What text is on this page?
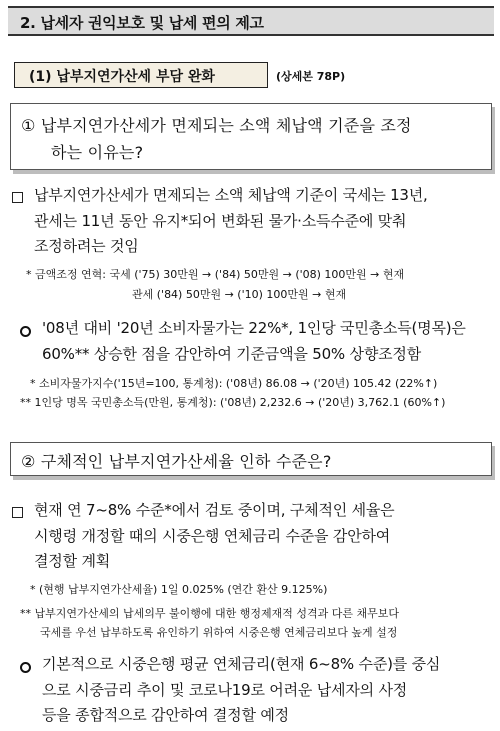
2. 납세자 권익보호 및 납세 편의 제고
(1) 납부지연가산세 부담 완화	(상세본 78P)
① 납부지연가산세가 면제되는 소액 체납액 기준을 조정
하는 이유는?
납부지연가산세가 면제되는 소액 체납액 기준이 국세는 13년,
관세는 11년 동안 유지*되어 변화된 물가·소득수준에 맞춰
조정하려는 것임
* 금액조정 연혁: 국세 ('75) 30만원 → ('84) 50만원 → ('08) 100만원 → 현재
관세 ('84) 50만원 → ('10) 100만원 → 현재
'08년 대비 '20년 소비자물가는 22%*, 1인당 국민총소득(명목)은
60%** 상승한 점을 감안하여 기준금액을 50% 상향조정함
* 소비자물가지수('15년=100, 통계청): ('08년) 86.08 → ('20년) 105.42 (22%↑)
** 1인당 명목 국민총소득(만원, 통계청): ('08년) 2,232.6 → ('20년) 3,762.1 (60%↑)
② 구체적인 납부지연가산세율 인하 수준은?
현재 연 7~8% 수준*에서 검토 중이며, 구체적인 세율은
시행령 개정할 때의 시중은행 연체금리 수준을 감안하여
결정할 계획
* (현행 납부지연가산세율) 1일 0.025% (연간 환산 9.125%)
** 납부지연가산세의 납세의무 불이행에 대한 행정제재적 성격과 다른 채무보다
국세를 우선 납부하도록 유인하기 위하여 시중은행 연체금리보다 높게 설정
기본적으로 시중은행 평균 연체금리(현재 6~8% 수준)를 중심
으로 시중금리 추이 및 코로나19로 어려운 납세자의 사정
등을 종합적으로 감안하여 결정할 예정
